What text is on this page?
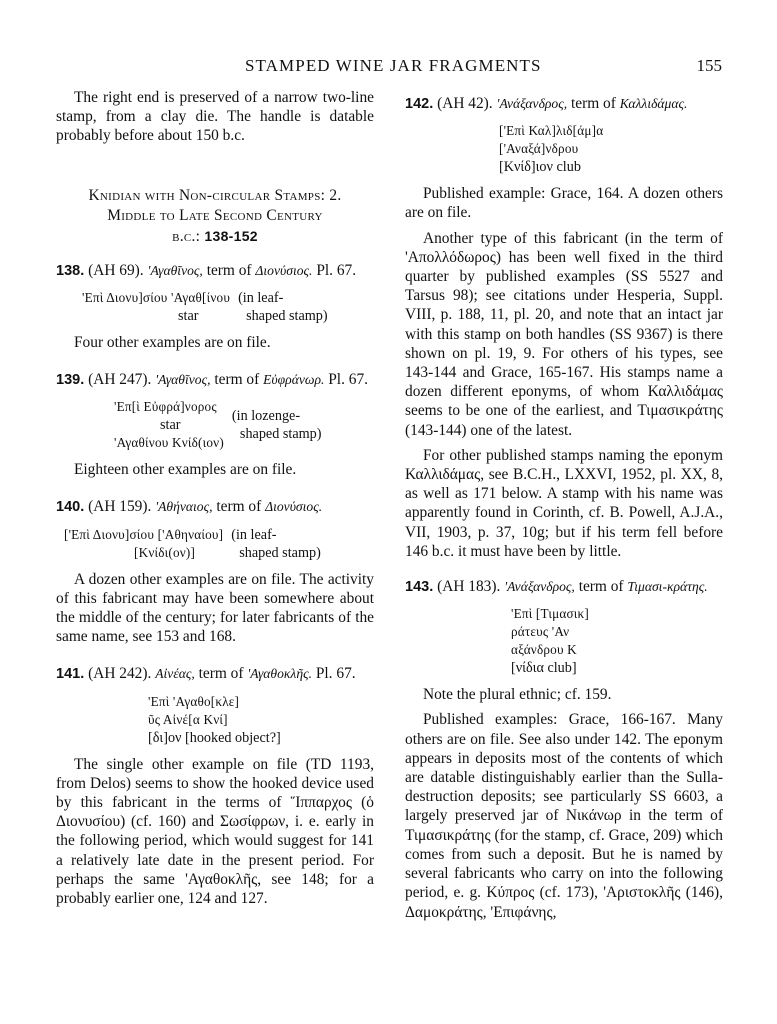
STAMPED WINE JAR FRAGMENTS	155

The right end is preserved of a narrow two-line stamp, from a clay die. The handle is datable probably before about 150 b.c.

Knidian with Non-circular Stamps: 2.
Middle to Late Second Century
b.c.: 138-152

138. (AH 69). 'Αγαθῖνος, term of Διονύσιος. Pl. 67.

'Επὶ Διονυ]σίου 'Αγαθ[ίνου
star
(in leaf-
shaped stamp)

Four other examples are on file.

139. (AH 247). 'Αγαθῖνος, term of Εὐφράνωρ. Pl. 67.

'Επ[ὶ Εὐφρά]νορος
star
'Αγαθίνου Κνίδ(ιον)
(in lozenge-
shaped stamp)

Eighteen other examples are on file.

140. (AH 159). 'Αθήναιος, term of Διονύσιος.

['Επὶ Διονυ]σίου ['Αθηναίου]
[Κνίδι(ον)]
(in leaf-
shaped stamp)

A dozen other examples are on file. The activity of this fabricant may have been somewhere about the middle of the century; for later fabricants of the same name, see 153 and 168.

141. (AH 242). Αἰνέας, term of 'Αγαθοκλῆς. Pl. 67.

'Επὶ 'Αγαθο[κλε]
ῦς Αἰνέ[α Κνί]
[δι]ον [hooked object?]

The single other example on file (TD 1193, from Delos) seems to show the hooked device used by this fabricant in the terms of Ἵππαρχος (ὁ Διονυσίου) (cf. 160) and Σωσίφρων, i. e. early in the following period, which would suggest for 141 a relatively late date in the present period. For perhaps the same 'Αγαθοκλῆς, see 148; for a probably earlier one, 124 and 127.

142. (AH 42). 'Ανάξανδρος, term of Καλλιδάμας.

['Επὶ Καλ]λιδ[άμ]α
['Αναξά]νδρου
[Κνίδ]ιον club

Published example: Grace, 164. A dozen others are on file.

Another type of this fabricant (in the term of 'Απολλόδωρος) has been well fixed in the third quarter by published examples (SS 5527 and Tarsus 98); see citations under Hesperia, Suppl. VIII, p. 188, 11, pl. 20, and note that an intact jar with this stamp on both handles (SS 9367) is there shown on pl. 19, 9. For others of his types, see 143-144 and Grace, 165-167. His stamps name a dozen different eponyms, of whom Καλλιδάμας seems to be one of the earliest, and Τιμασικράτης (143-144) one of the latest.

For other published stamps naming the eponym Καλλιδάμας, see B.C.H., LXXVI, 1952, pl. XX, 8, as well as 171 below. A stamp with his name was apparently found in Corinth, cf. B. Powell, A.J.A., VII, 1903, p. 37, 10g; but if his term fell before 146 b.c. it must have been by little.

143. (AH 183). 'Ανάξανδρος, term of Τιμασι-κράτης.

'Επὶ [Τιμασικ]
ράτευς 'Αν
αξάνδρου Κ
[νίδια club]

Note the plural ethnic; cf. 159.

Published examples: Grace, 166-167. Many others are on file. See also under 142. The eponym appears in deposits most of the contents of which are datable distinguishably earlier than the Sulla-destruction deposits; see particularly SS 6603, a largely preserved jar of Νικάνωρ in the term of Τιμασικράτης (for the stamp, cf. Grace, 209) which comes from such a deposit. But he is named by several fabricants who carry on into the following period, e. g. Κύπρος (cf. 173), 'Αριστοκλῆς (146), Δαμοκράτης, 'Επιφάνης,
